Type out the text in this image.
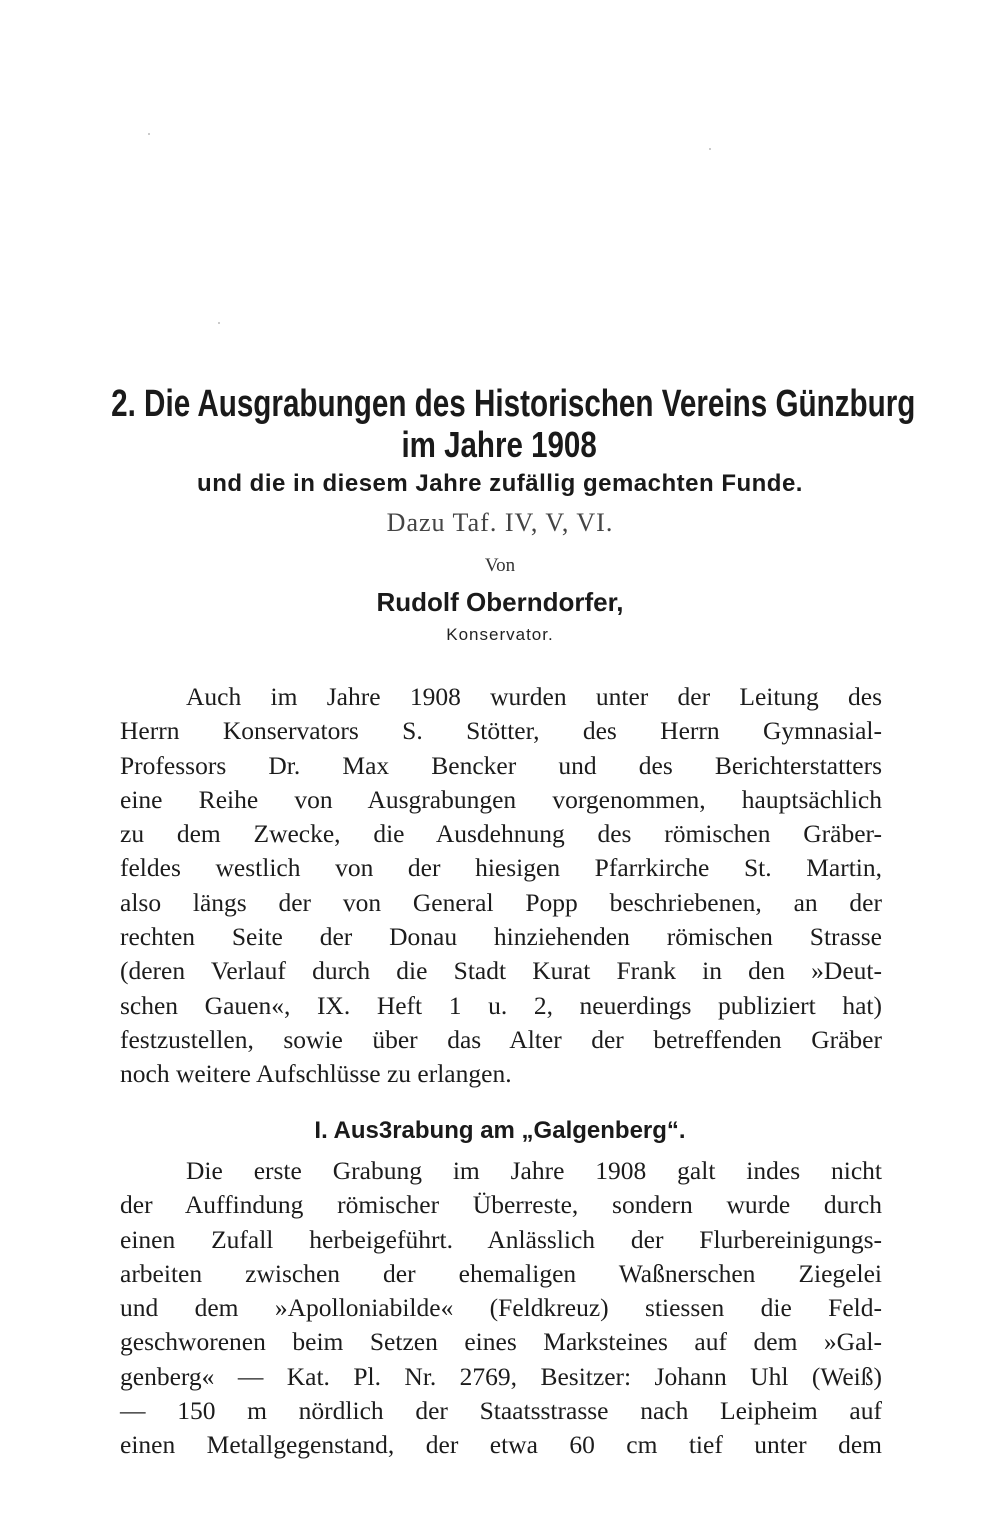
2. Die Ausgrabungen des Historischen Vereins Günzburg
im Jahre 1908
und die in diesem Jahre zufällig gemachten Funde.
Dazu Taf. IV, V, VI.
Von
Rudolf Oberndorfer,
Konservator.
Auch im Jahre 1908 wurden unter der Leitung des
Herrn Konservators S. Stötter, des Herrn Gymnasial-
Professors Dr. Max Bencker und des Berichterstatters
eine Reihe von Ausgrabungen vorgenommen, hauptsächlich
zu dem Zwecke, die Ausdehnung des römischen Gräber-
feldes westlich von der hiesigen Pfarrkirche St. Martin,
also längs der von General Popp beschriebenen, an der
rechten Seite der Donau hinziehenden römischen Strasse
(deren Verlauf durch die Stadt Kurat Frank in den »Deut-
schen Gauen«, IX. Heft 1 u. 2, neuerdings publiziert hat)
festzustellen, sowie über das Alter der betreffenden Gräber
noch weitere Aufschlüsse zu erlangen.
I. Aus3rabung am „Galgenberg“.
Die erste Grabung im Jahre 1908 galt indes nicht
der Auffindung römischer Überreste, sondern wurde durch
einen Zufall herbeigeführt. Anlässlich der Flurbereinigungs-
arbeiten zwischen der ehemaligen Waßnerschen Ziegelei
und dem »Apolloniabilde« (Feldkreuz) stiessen die Feld-
geschworenen beim Setzen eines Marksteines auf dem »Gal-
genberg« — Kat. Pl. Nr. 2769, Besitzer: Johann Uhl (Weiß)
— 150 m nördlich der Staatsstrasse nach Leipheim auf
einen Metallgegenstand, der etwa 60 cm tief unter dem
